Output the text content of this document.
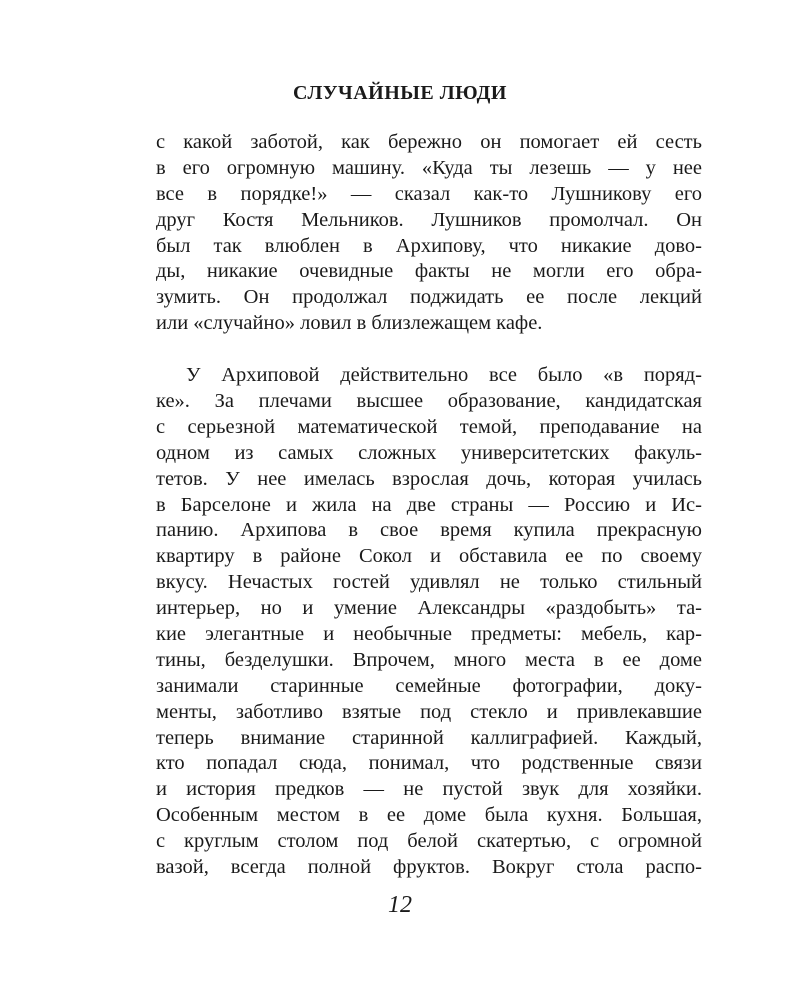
СЛУЧАЙНЫЕ ЛЮДИ
с какой заботой, как бережно он помогает ей сесть
в его огромную машину. «Куда ты лезешь — у нее
все в порядке!» — сказал как-то Лушникову его
друг Костя Мельников. Лушников промолчал. Он
был так влюблен в Архипову, что никакие дово-
ды, никакие очевидные факты не могли его обра-
зумить. Он продолжал поджидать ее после лекций
или «случайно» ловил в близлежащем кафе.
У Архиповой действительно все было «в поряд-
ке». За плечами высшее образование, кандидатская
с серьезной математической темой, преподавание на
одном из самых сложных университетских факуль-
тетов. У нее имелась взрослая дочь, которая училась
в Барселоне и жила на две страны — Россию и Ис-
панию. Архипова в свое время купила прекрасную
квартиру в районе Сокол и обставила ее по своему
вкусу. Нечастых гостей удивлял не только стильный
интерьер, но и умение Александры «раздобыть» та-
кие элегантные и необычные предметы: мебель, кар-
тины, безделушки. Впрочем, много места в ее доме
занимали старинные семейные фотографии, доку-
менты, заботливо взятые под стекло и привлекавшие
теперь внимание старинной каллиграфией. Каждый,
кто попадал сюда, понимал, что родственные связи
и история предков — не пустой звук для хозяйки.
Особенным местом в ее доме была кухня. Большая,
с круглым столом под белой скатертью, с огромной
вазой, всегда полной фруктов. Вокруг стола распо-
12
